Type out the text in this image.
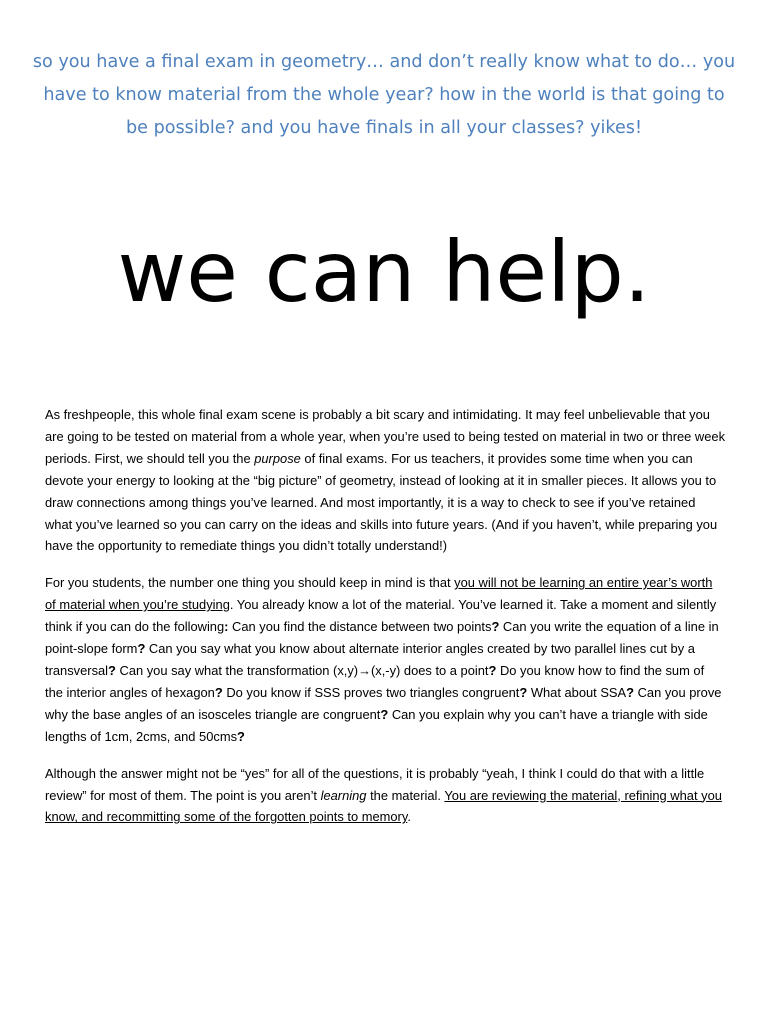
so you have a final exam in geometry… and don’t really know what to do… you have to know material from the whole year? how in the world is that going to be possible? and you have finals in all your classes? yikes!
we can help.

As freshpeople, this whole final exam scene is probably a bit scary and intimidating. It may feel unbelievable that you are going to be tested on material from a whole year, when you’re used to being tested on material in two or three week periods. First, we should tell you the purpose of final exams. For us teachers, it provides some time when you can devote your energy to looking at the “big picture” of geometry, instead of looking at it in smaller pieces. It allows you to draw connections among things you’ve learned. And most importantly, it is a way to check to see if you’ve retained what you’ve learned so you can carry on the ideas and skills into future years. (And if you haven’t, while preparing you have the opportunity to remediate things you didn’t totally understand!)

For you students, the number one thing you should keep in mind is that you will not be learning an entire year’s worth of material when you’re studying. You already know a lot of the material. You’ve learned it. Take a moment and silently think if you can do the following: Can you find the distance between two points? Can you write the equation of a line in point-slope form? Can you say what you know about alternate interior angles created by two parallel lines cut by a transversal? Can you say what the transformation (x,y)→(x,-y) does to a point? Do you know how to find the sum of the interior angles of hexagon? Do you know if SSS proves two triangles congruent? What about SSA? Can you prove why the base angles of an isosceles triangle are congruent? Can you explain why you can’t have a triangle with side lengths of 1cm, 2cms, and 50cms?

Although the answer might not be “yes” for all of the questions, it is probably “yeah, I think I could do that with a little review” for most of them. The point is you aren’t learning the material. You are reviewing the material, refining what you know, and recommitting some of the forgotten points to memory.
